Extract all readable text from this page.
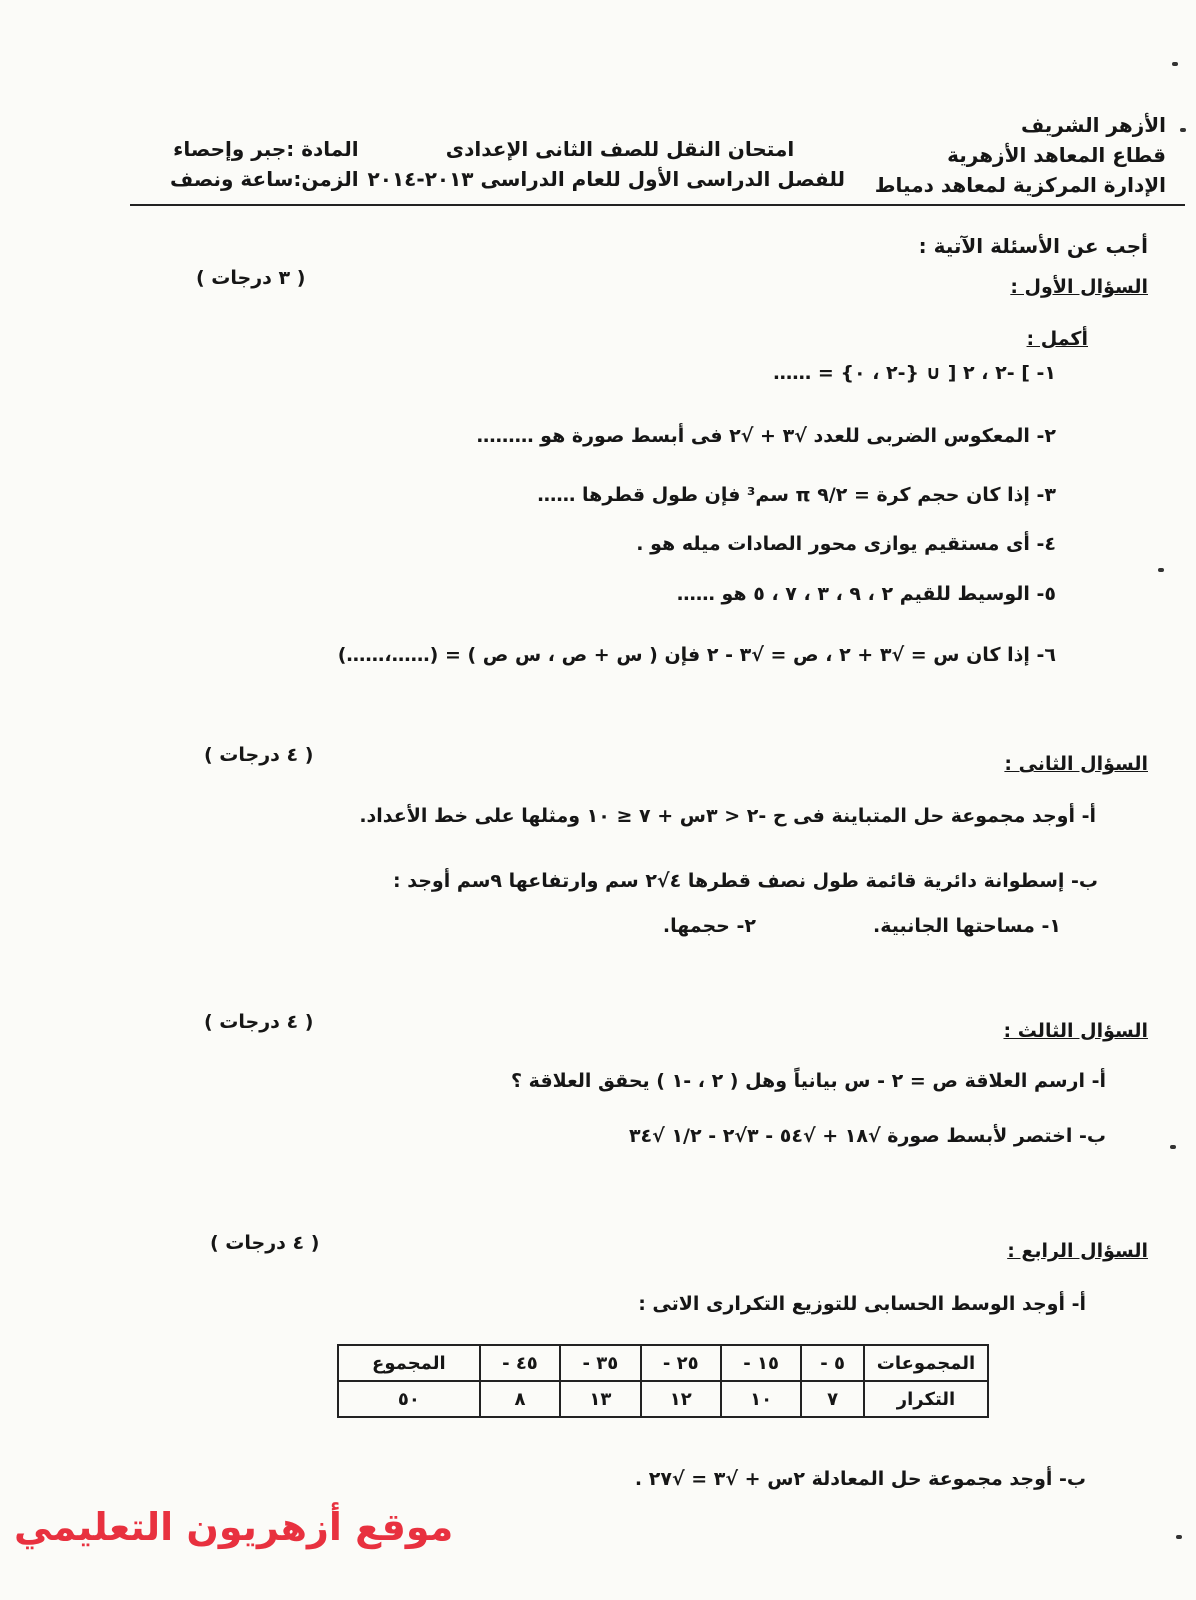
الأزهر الشريف
قطاع المعاهد الأزهرية
الإدارة المركزية لمعاهد دمياط
امتحان النقل للصف الثانى الإعدادى
للفصل الدراسى الأول للعام الدراسى ٢٠١٣-٢٠١٤
المادة :جبر وإحصاء
الزمن:ساعة ونصف
أجب عن الأسئلة الآتية :
السؤال الأول :
( ٣ درجات )
أكمل :
١- ] -٢ ، ٢ [ ∪ {-٢ ، ٠} = ……
٢- المعكوس الضربى للعدد √٣ + √٢ فى أبسط صورة هو ………
٣- إذا كان حجم كرة = ٩/٢ π سم³ فإن طول قطرها ……
٤- أى مستقيم يوازى محور الصادات ميله هو .
٥- الوسيط للقيم ٢ ، ٩ ، ٣ ، ٧ ، ٥ هو ……
٦- إذا كان س = √٣ + ٢ ، ص = √٣ - ٢ فإن ( س + ص ، س ص ) = (……،……)
السؤال الثانى :
( ٤ درجات )
أ- أوجد مجموعة حل المتباينة فى ح -٢ < ٣س + ٧ ≤ ١٠ ومثلها على خط الأعداد.
ب- إسطوانة دائرية قائمة طول نصف قطرها ٤√٢ سم وارتفاعها ٩سم أوجد :
١- مساحتها الجانبية.
٢- حجمها.
السؤال الثالث :
( ٤ درجات )
أ- ارسم العلاقة ص = ٢ - س بيانياً وهل ( ٢ ، -١ ) يحقق العلاقة ؟
ب- اختصر لأبسط صورة √١٨ + √٥٤ - ٣√٢ - ١/٢ √٣٤
السؤال الرابع :
( ٤ درجات )
أ- أوجد الوسط الحسابى للتوزيع التكرارى الاتى :
المجموعات	٥ -	١٥ -	٢٥ -	٣٥ -	٤٥ -	المجموع
التكرار	٧	١٠	١٢	١٣	٨	٥٠
ب- أوجد مجموعة حل المعادلة ٢س + √٣ = √٢٧ .
موقع أزهريون التعليمي
